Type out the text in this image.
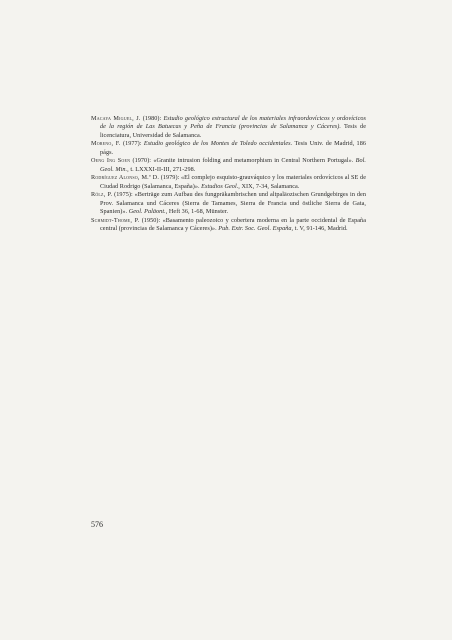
Macaya Miguel, J. (1980): Estudio geológico estructural de los materiales infraordovícicos y ordovícicos de la región de Las Batuecas y Peña de Francia (provincias de Salamanca y Cáceres). Tesis de licenciatura, Universidad de Salamanca.

Moreno, F. (1977): Estudio geológico de los Montes de Toledo occidentales. Tesis Univ. de Madrid, 186 págs.

Oeng Ing Soen (1970): «Granite intrusion folding and metamorphism in Central Northern Portugal». Bol. Geol. Min., t. LXXXI-II-III, 271-298.

Rodríguez Alonso, M.ª D. (1979): «El complejo esquisto-grauváquico y los materiales ordovícicos al SE de Ciudad Rodrigo (Salamanca, España)». Estudios Geol., XIX, 7-34, Salamanca.

Rölz, P. (1975): «Berträge zum Aufbau des fungpräkambrischen und altpaläozischen Grundgebirges in den Prov. Salamanca und Cáceres (Sierra de Tamames, Sierra de Francia und östliche Sierra de Gata, Spanien)». Geol. Paläont., Heft 36, 1-68, Münster.

Schmidt-Thome, P. (1950): «Basamento paleozoico y cobertera moderna en la parte occidental de España central (provincias de Salamanca y Cáceres)». Pub. Extr. Soc. Geol. España, t. V, 91-146, Madrid.

576
